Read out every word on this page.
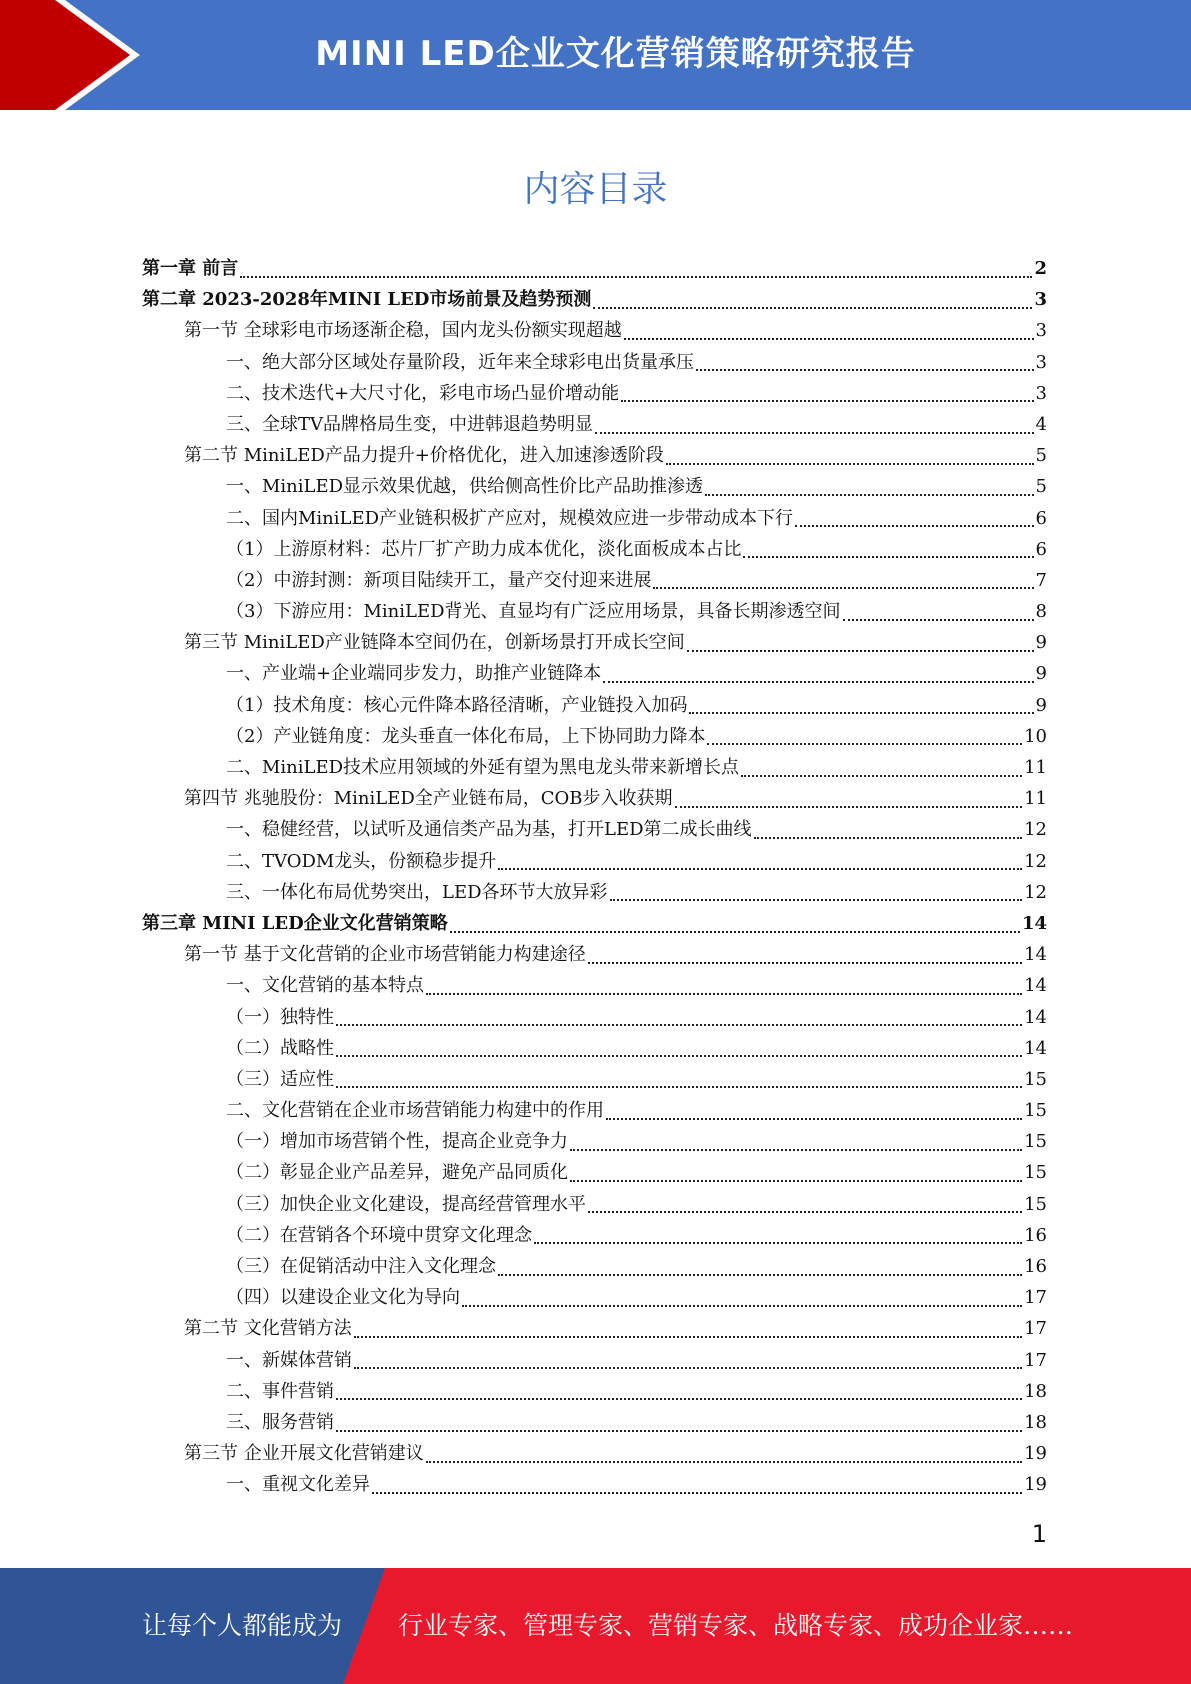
MINI LED企业文化营销策略研究报告
内容目录
第一章 前言	2
第二章 2023-2028年MINI LED市场前景及趋势预测	3
第一节 全球彩电市场逐渐企稳，国内龙头份额实现超越	3
一、绝大部分区域处存量阶段，近年来全球彩电出货量承压	3
二、技术迭代+大尺寸化，彩电市场凸显价增动能	3
三、全球TV品牌格局生变，中进韩退趋势明显	4
第二节 MiniLED产品力提升+价格优化，进入加速渗透阶段	5
一、MiniLED显示效果优越，供给侧高性价比产品助推渗透	5
二、国内MiniLED产业链积极扩产应对，规模效应进一步带动成本下行	6
（1）上游原材料：芯片厂扩产助力成本优化，淡化面板成本占比	6
（2）中游封测：新项目陆续开工，量产交付迎来进展	7
（3）下游应用：MiniLED背光、直显均有广泛应用场景，具备长期渗透空间	8
第三节 MiniLED产业链降本空间仍在，创新场景打开成长空间	9
一、产业端+企业端同步发力，助推产业链降本	9
（1）技术角度：核心元件降本路径清晰，产业链投入加码	9
（2）产业链角度：龙头垂直一体化布局，上下协同助力降本	10
二、MiniLED技术应用领域的外延有望为黑电龙头带来新增长点	11
第四节 兆驰股份：MiniLED全产业链布局，COB步入收获期	11
一、稳健经营，以试听及通信类产品为基，打开LED第二成长曲线	12
二、TVODM龙头，份额稳步提升	12
三、一体化布局优势突出，LED各环节大放异彩	12
第三章 MINI LED企业文化营销策略	14
第一节 基于文化营销的企业市场营销能力构建途径	14
一、文化营销的基本特点	14
（一）独特性	14
（二）战略性	14
（三）适应性	15
二、文化营销在企业市场营销能力构建中的作用	15
（一）增加市场营销个性，提高企业竞争力	15
（二）彰显企业产品差异，避免产品同质化	15
（三）加快企业文化建设，提高经营管理水平	15
（二）在营销各个环境中贯穿文化理念	16
（三）在促销活动中注入文化理念	16
（四）以建设企业文化为导向	17
第二节 文化营销方法	17
一、新媒体营销	17
二、事件营销	18
三、服务营销	18
第三节 企业开展文化营销建议	19
一、重视文化差异	19
1
让每个人都能成为 行业专家、管理专家、营销专家、战略专家、成功企业家……
